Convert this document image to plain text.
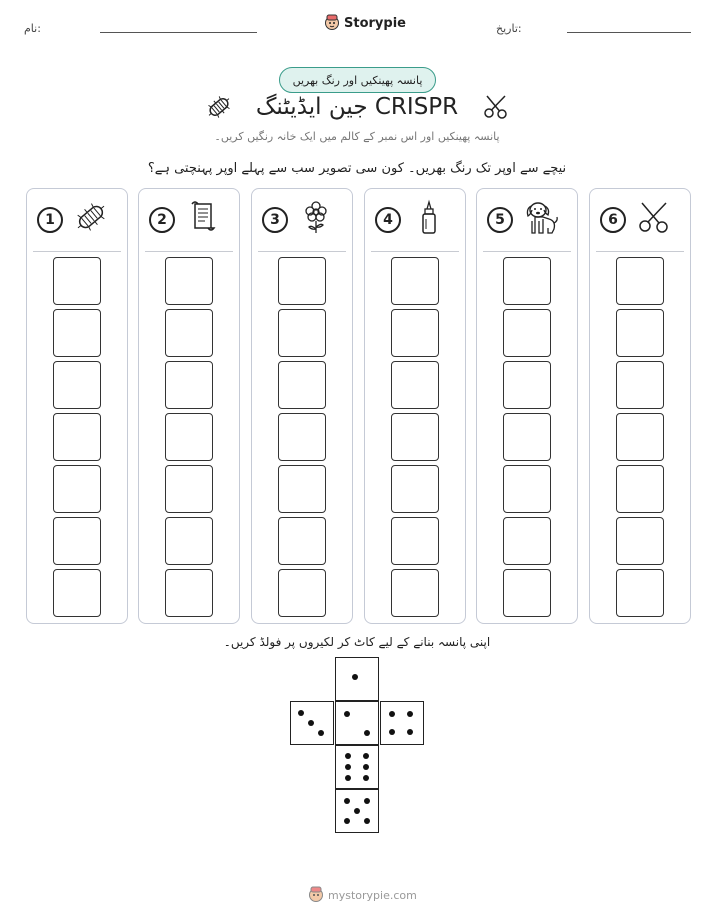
نام:	Storypie	تاریخ:
پانسہ پھینکیں اور رنگ بھریں
CRISPR جین ایڈیٹنگ
پانسہ پھینکیں اور اس نمبر کے کالم میں ایک خانہ رنگیں کریں۔
نیچے سے اوپر تک رنگ بھریں۔ کون سی تصویر سب سے پہلے اوپر پہنچتی ہے؟
1	2	3	4	5	6
اپنی پانسہ بنانے کے لیے کاٹ کر لکیروں پر فولڈ کریں۔
mystorypie.com
